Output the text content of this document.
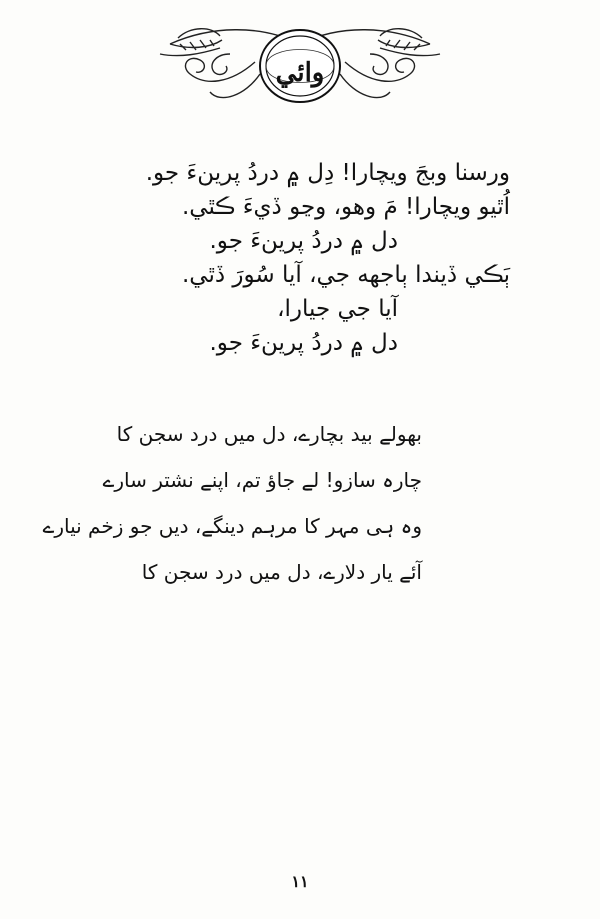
وائي
ورسنا وبجَ ويچارا! دِل ۾ دردُ پرينءَ جو.
اُٿيو ويچارا! مَ وهو، وڃو ڏيءَ ڪٿي.
دل ۾ دردُ پرينءَ جو.
ٻَڪي ڏيندا ٻاجهه جي، آيا سُورَ ڏٿي.
آيا جي جيارا،
دل ۾ دردُ پرينءَ جو.
بھولے بید بچارے، دل میں درد سجن کا
چارہ سازو! لے جاؤ تم، اپنے نشتر سارے
وہ ہی مہر کا مرہم دینگے، دیں جو زخم نیارے
آئے یار دلارے، دل میں درد سجن کا
۱۱
